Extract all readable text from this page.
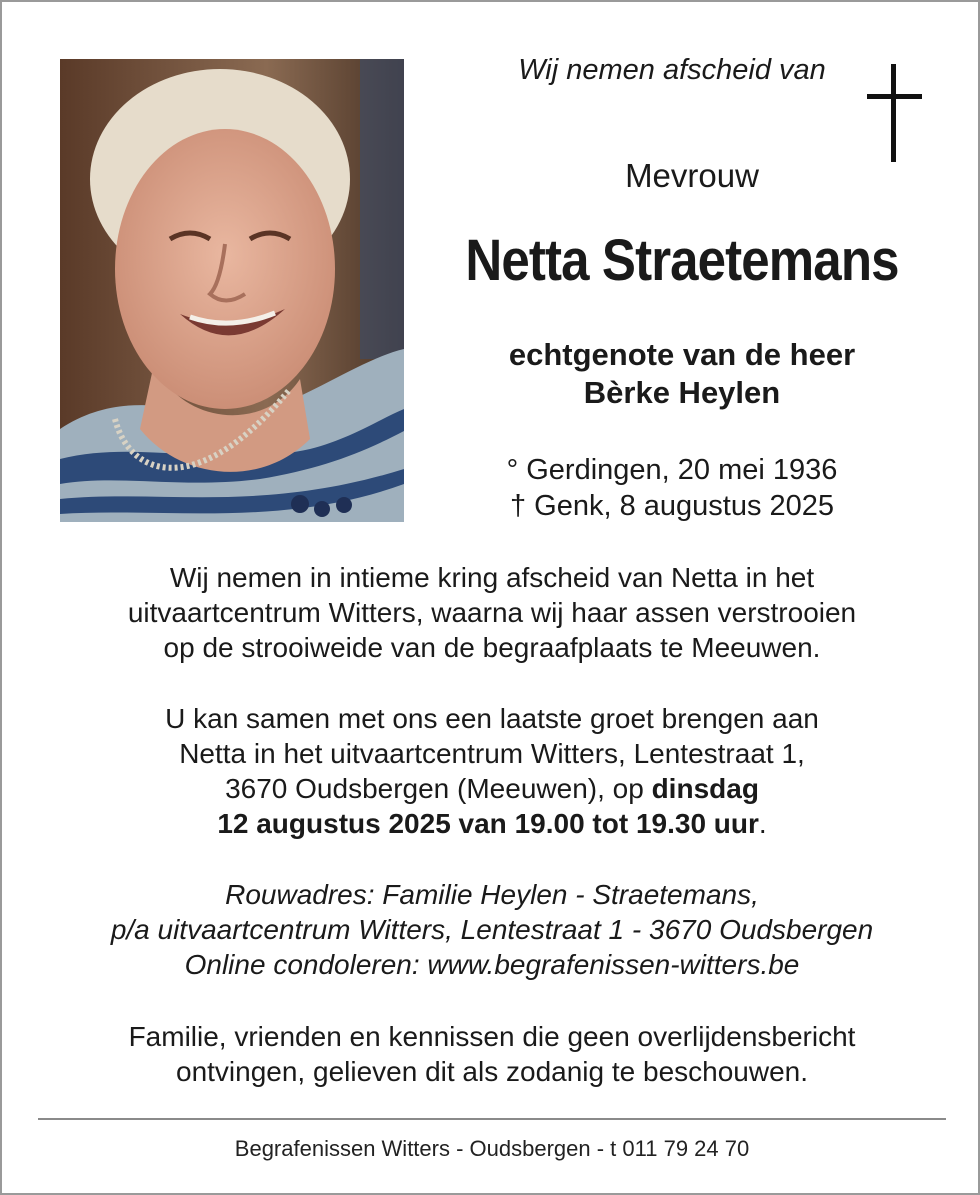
Wij nemen afscheid van
Mevrouw
Netta Straetemans
echtgenote van de heer
Bèrke Heylen
° Gerdingen, 20 mei 1936
† Genk, 8 augustus 2025
Wij nemen in intieme kring afscheid van Netta in het
uitvaartcentrum Witters, waarna wij haar assen verstrooien
op de strooiweide van de begraafplaats te Meeuwen.
U kan samen met ons een laatste groet brengen aan
Netta in het uitvaartcentrum Witters, Lentestraat 1,
3670 Oudsbergen (Meeuwen), op dinsdag
12 augustus 2025 van 19.00 tot 19.30 uur.
Rouwadres: Familie Heylen - Straetemans,
p/a uitvaartcentrum Witters, Lentestraat 1 - 3670 Oudsbergen
Online condoleren: www.begrafenissen-witters.be
Familie, vrienden en kennissen die geen overlijdensbericht
ontvingen, gelieven dit als zodanig te beschouwen.
Begrafenissen Witters - Oudsbergen - t 011 79 24 70
